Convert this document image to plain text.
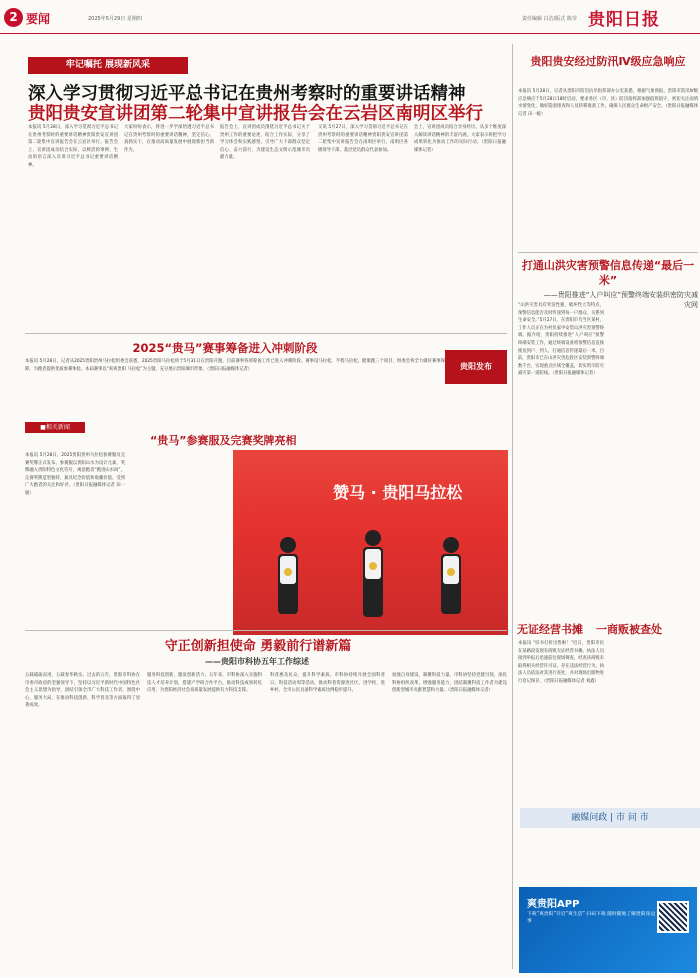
2 要闻	2025年5月29日 星期四	责任编辑 白洁/版式 陈莹 贵阳日报
牢记嘱托 展现新风采
深入学习贯彻习近平总书记在贵州考察时的重要讲话精神
贵阳贵安宣讲团第二轮集中宣讲报告会在云岩区南明区举行
本报讯 5月28日，深入学习贯彻习近平总书记在贵州考察时的重要讲话精神贵阳贵安宣讲团第二轮集中宣讲报告会在云岩区举行。报告会上，宣讲团成员结合实际，以鲜活的事例、生动的语言深入宣讲习近平总书记重要讲话精神。
大家纷纷表示，将进一步学深悟透习近平总书记在贵州考察时的重要讲话精神，坚定信心、真抓实干，在推动高质量发展中展现新担当新作为。
报告会上，宣讲团成员围绕习近平总书记关于贵州工作的重要论述，结合工作实际，分享了学习体会和实践感悟，引导广大干部群众坚定信心、奋力前行，为建设生态文明示范城市贡献力量。
又讯 5月27日，深入学习贯彻习近平总书记在贵州考察时的重要讲话精神贵阳贵安宣讲团第二轮集中宣讲报告会在南明区举行，南明区各级领导干部、基层党员群众代表参加。
会上，宣讲团成员结合亲身经历，从多个维度深入解读讲话精神的丰富内涵，大家表示将把学习成果转化为推动工作的实际行动。（贵阳日报融媒体记者）
贵阳贵安经过防汛Ⅳ级应急响应
本报讯 5月28日，记者从贵阳市防汛抗旱指挥部办公室获悉，根据气象预报，贵阳市防汛Ⅳ级应急响应于5月28日18时启动。要求各区（市、县）防汛指挥部加强值班值守，密切关注雨情水情变化，做好隐患排查和人员转移准备工作，确保人民群众生命财产安全。（贵阳日报融媒体记者 田一媛）
打通山洪灾害预警信息传递“最后一米”
——贵阳推进“人户叫应”预警终端安装织密防灾减灾网
“山洪灾害具有突发性强、破坏性大等特点，预警信息能否及时传递到每一户群众，关系到生命安全。”5月27日，在贵阳市乌当区某村，工作人员正在为村民家中安装山洪灾害预警终端。据介绍，贵阳持续推进“人户叫应”预警终端安装工作，通过终端设备将预警信息直接推送到户、到人，打通信息传递最后一米。目前，贵阳市已在山洪灾害危险区安装预警终端数千台，实现重点区域全覆盖，切实筑牢防灾减灾第一道防线。（贵阳日报融媒体记者）
2025“贵马”赛事筹备进入冲刺阶段
本报讯 5月28日，记者从2025贵阳贵州马拉松组委会获悉，2025贵阳马拉松将于5月31日在贵阳开跑，目前赛事各项筹备工作已进入冲刺阶段。赛事设马拉松、半程马拉松、健康跑三个项目，组委会将全力做好赛事保障，为跑者提供优质参赛体验。本届赛事以“爽爽贵阳 马拉松”为主题，充分展示贵阳城市形象。（贵阳日报融媒体记者）	贵阳发布
■相关新闻
“贵马”参赛服及完赛奖牌亮相
本报讯 5月28日，2025贵阳贵州马拉松参赛服及完赛奖牌正式发布。参赛服以贵阳山水为设计元素，奖牌融入贵阳特色文化符号，寓意跑者“跑进山水间”。完赛奖牌造型独特，兼具纪念价值和收藏价值，受到广大跑者的关注和好评。（贵阳日报融媒体记者 田一媛）	赞马 · 贵阳马拉松
守正创新担使命 勇毅前行谱新篇
——贵阳市科协五年工作综述
五载砥砺奋进，五载春华秋实。过去的五年，贵阳市科协在市委市政府的坚强领导下，坚持以习近平新时代中国特色社会主义思想为指导，团结引领全市广大科技工作者，围绕中心、服务大局，在推动科技创新、科学普及等方面取得了显著成效。
服务科技创新，激发创新活力。五年来，市科协深入实施科技人才培养计划，搭建产学研合作平台，推动科技成果转化应用，为贵阳经济社会高质量发展提供有力科技支撑。
科普惠及民众，提升科学素质。市科协持续开展全国科普日、科技活动周等活动，推动科普资源进社区、进学校、进乡村，全市公民具备科学素质比例稳步提升。
加强自身建设，凝聚科技力量。市科协坚持党建引领，深化科协组织改革，增强服务能力，团结凝聚科技工作者为建设创新型城市贡献智慧和力量。（贵阳日报融媒体记者）
无证经营书摊 一商贩被查处
本报讯 “旧书打折出售啦！”近日，贵阳市民在某路段发现有商贩无证经营书摊。执法人员接到举报后迅速前往现场调查，经查该商贩未取得相关经营许可证，存在违法经营行为。执法人员依法对其进行查处，并对现场出版物进行登记保存。（贵阳日报融媒体记者 刘鑫）
融媒问政 | 市 问 市
爽贵阳APP
下载“爽贵阳”开启“爽生活” 扫码下载 随时随地了解贵阳身边事
